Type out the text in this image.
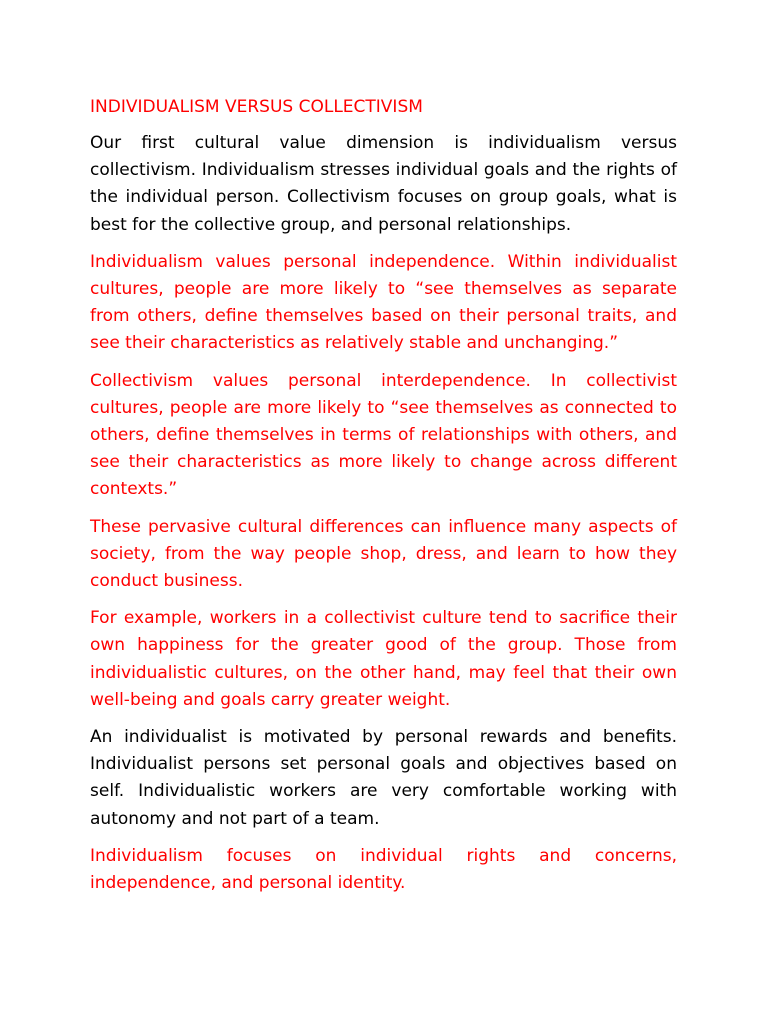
INDIVIDUALISM VERSUS COLLECTIVISM

Our first cultural value dimension is individualism versus collectivism. Individualism stresses individual goals and the rights of the individual person. Collectivism focuses on group goals, what is best for the collective group, and personal relationships.

Individualism values personal independence. Within individualist cultures, people are more likely to “see themselves as separate from others, define themselves based on their personal traits, and see their characteristics as relatively stable and unchanging.”

Collectivism values personal interdependence. In collectivist cultures, people are more likely to “see themselves as connected to others, define themselves in terms of relationships with others, and see their characteristics as more likely to change across different contexts.”

These pervasive cultural differences can influence many aspects of society, from the way people shop, dress, and learn to how they conduct business.

For example, workers in a collectivist culture tend to sacrifice their own happiness for the greater good of the group. Those from individualistic cultures, on the other hand, may feel that their own well-being and goals carry greater weight.

An individualist is motivated by personal rewards and benefits. Individualist persons set personal goals and objectives based on self. Individualistic workers are very comfortable working with autonomy and not part of a team.

Individualism focuses on individual rights and concerns, independence, and personal identity.
